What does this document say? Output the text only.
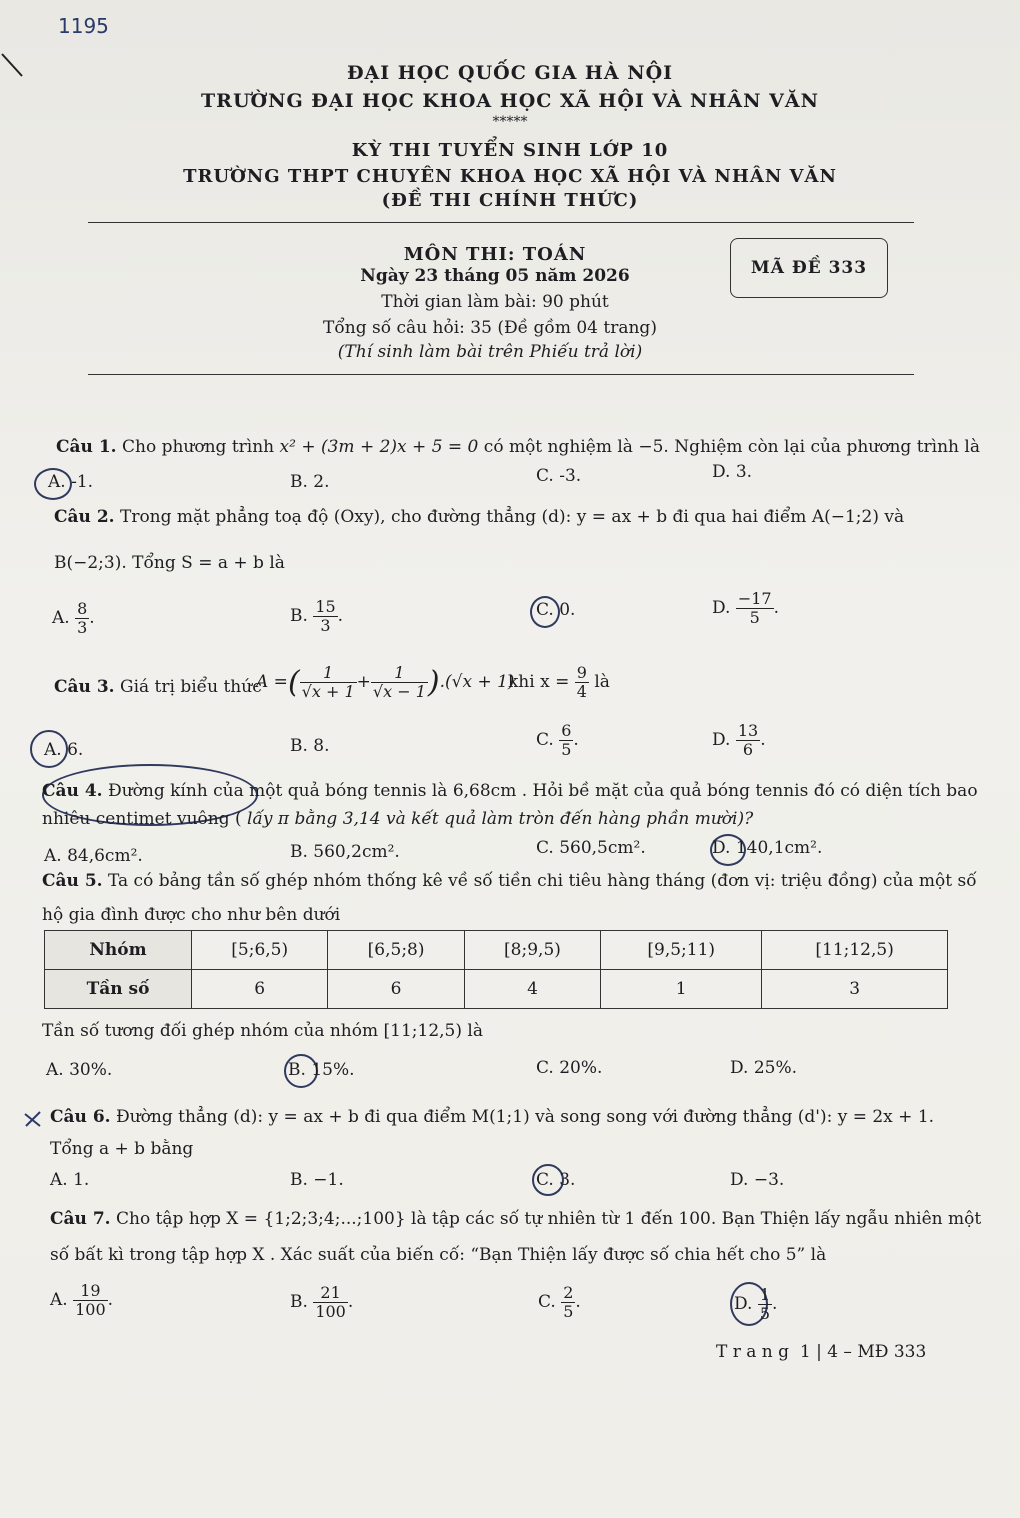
1195
ĐẠI HỌC QUỐC GIA HÀ NỘI
TRƯỜNG ĐẠI HỌC KHOA HỌC XÃ HỘI VÀ NHÂN VĂN
*****
KỲ THI TUYỂN SINH LỚP 10
TRƯỜNG THPT CHUYÊN KHOA HỌC XÃ HỘI VÀ NHÂN VĂN
(ĐỀ THI CHÍNH THỨC)
MÔN THI: TOÁN
Ngày 23 tháng 05 năm 2026
Thời gian làm bài: 90 phút
Tổng số câu hỏi: 35 (Đề gồm 04 trang)
(Thí sinh làm bài trên Phiếu trả lời)
MÃ ĐỀ 333
Câu 1. Cho phương trình x² + (3m + 2)x + 5 = 0 có một nghiệm là −5. Nghiệm còn lại của phương trình là
A. -1.	B. 2.	C. -3.	D. 3.
Câu 2. Trong mặt phẳng toạ độ (Oxy), cho đường thẳng (d): y = ax + b đi qua hai điểm A(−1;2) và
B(−2;3). Tổng S = a + b là
A. $\frac{8}{3}$ .	B. $\frac{15}{3}$ .	C. 0.	D. $\frac{-17}{5}$ .
Câu 3. Giá trị biểu thức
A =( $\frac{1}{√x + 1} + \frac{1}{√x - 1} ).(√x + 1)$
khi $x = \frac{9}{4}$ là
A. 6.	B. 8.	C. $\frac{6}{5}$ .	D. $\frac{13}{6}$ .
Câu 4. Đường kính của một quả bóng tennis là 6,68cm . Hỏi bề mặt của quả bóng tennis đó có diện tích bao
nhiêu centimet vuông ( lấy π bằng 3,14 và kết quả làm tròn đến hàng phần mười)?
A. 84,6cm².	B. 560,2cm².	C. 560,5cm².	D. 140,1cm².
Câu 5. Ta có bảng tần số ghép nhóm thống kê về số tiền chi tiêu hàng tháng (đơn vị: triệu đồng) của một số
hộ gia đình được cho như bên dưới
Nhóm	[5;6,5)	[6,5;8)	[8;9,5)	[9,5;11)	[11;12,5)
Tần số	6	6	4	1	3
Tần số tương đối ghép nhóm của nhóm [11;12,5) là
A. 30%.	B. 15%.	C. 20%.	D. 25%.
Câu 6. Đường thẳng (d): y = ax + b đi qua điểm M(1;1) và song song với đường thẳng (d'): y = 2x + 1.
Tổng a + b bằng
A. 1.	B. −1.	C. 3.	D. −3.
Câu 7. Cho tập hợp X = {1;2;3;4;...;100} là tập các số tự nhiên từ 1 đến 100. Bạn Thiện lấy ngẫu nhiên một
số bất kì trong tập hợp X . Xác suất của biến cố: “Bạn Thiện lấy được số chia hết cho 5” là
A. $\frac{19}{100}$ .	B. $\frac{21}{100}$ .	C. $\frac{2}{5}$ .	D. $\frac{1}{5}$ .
T r a n g  1 | 4 – MĐ 333
